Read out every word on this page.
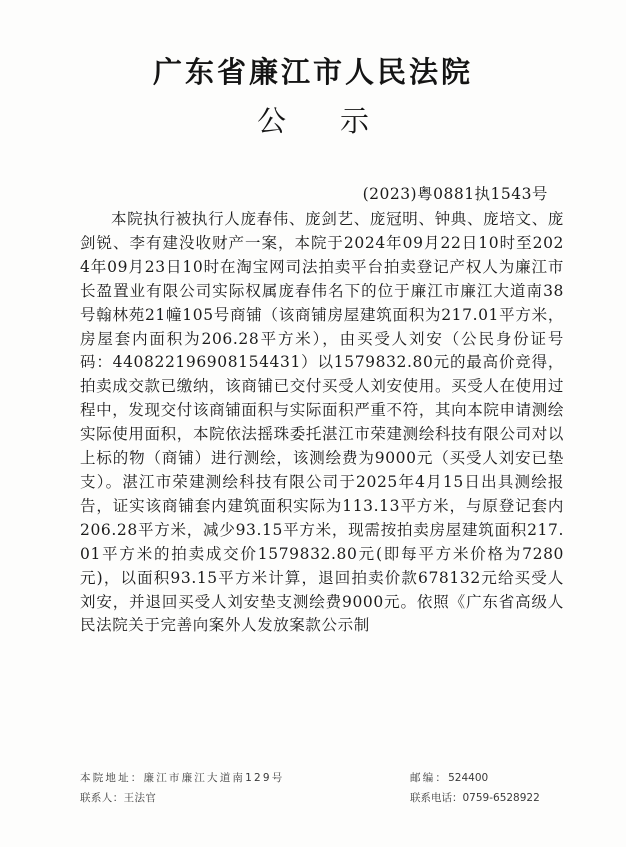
广东省廉江市人民法院
公示
(2023)粤0881执1543号
本院执行被执行人庞春伟、庞剑艺、庞冠明、钟典、庞培文、庞剑锐、李有建没收财产一案，本院于2024年09月22日10时至2024年09月23日10时在淘宝网司法拍卖平台拍卖登记产权人为廉江市长盈置业有限公司实际权属庞春伟名下的位于廉江市廉江大道南38号翰林苑21幢105号商铺（该商铺房屋建筑面积为217.01平方米，房屋套内面积为206.28平方米），由买受人刘安（公民身份证号码：440822196908154431）以1579832.80元的最高价竞得，拍卖成交款已缴纳，该商铺已交付买受人刘安使用。买受人在使用过程中，发现交付该商铺面积与实际面积严重不符，其向本院申请测绘实际使用面积，本院依法摇珠委托湛江市荣建测绘科技有限公司对以上标的物（商铺）进行测绘，该测绘费为9000元（买受人刘安已垫支）。湛江市荣建测绘科技有限公司于2025年4月15日出具测绘报告，证实该商铺套内建筑面积实际为113.13平方米，与原登记套内206.28平方米，减少93.15平方米，现需按拍卖房屋建筑面积217.01平方米的拍卖成交价1579832.80元(即每平方米价格为7280元)，以面积93.15平方米计算，退回拍卖价款678132元给买受人刘安，并退回买受人刘安垫支测绘费9000元。依照《广东省高级人民法院关于完善向案外人发放案款公示制
本院地址：廉江市廉江大道南129号	邮编：524400
联系人：王法官	联系电话：0759-6528922
